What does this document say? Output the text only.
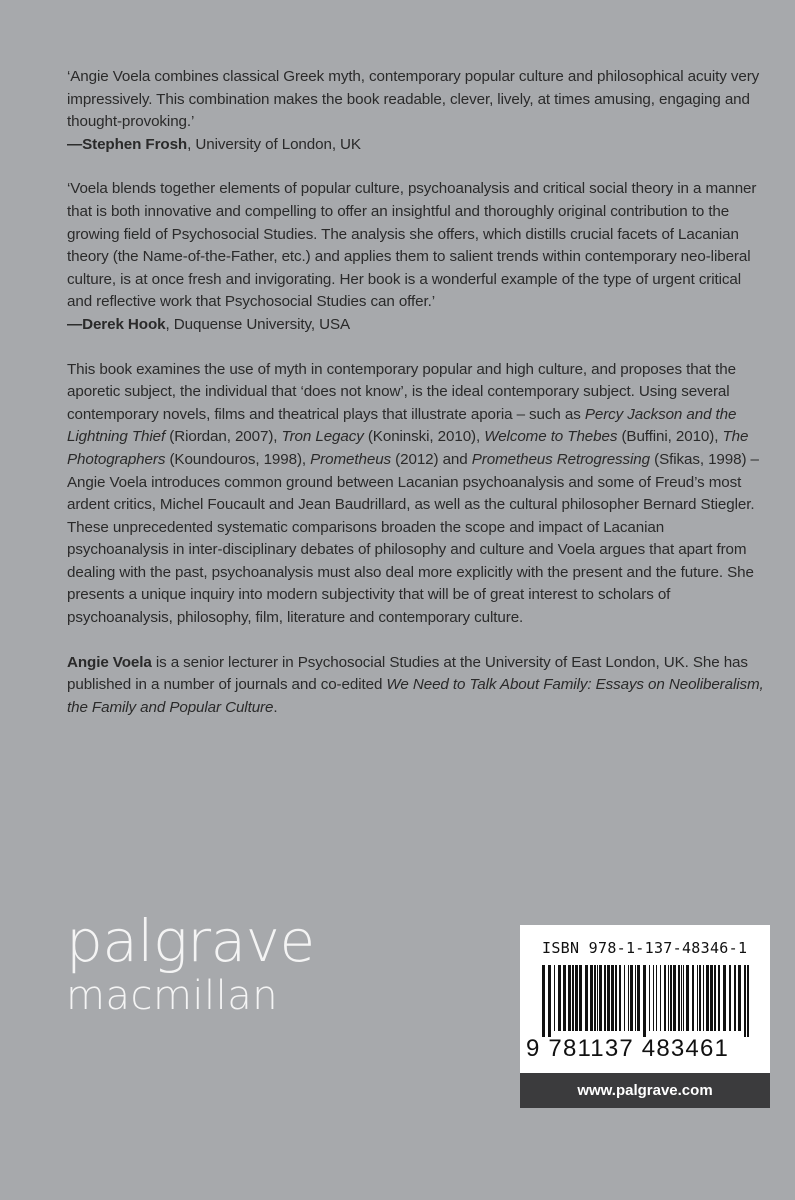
‘Angie Voela combines classical Greek myth, contemporary popular culture and philosophical acuity very impressively. This combination makes the book readable, clever, lively, at times amusing, engaging and thought-provoking.’

—Stephen Frosh, University of London, UK

‘Voela blends together elements of popular culture, psychoanalysis and critical social theory in a manner that is both innovative and compelling to offer an insightful and thoroughly original contribution to the growing field of Psychosocial Studies. The analysis she offers, which distills crucial facets of Lacanian theory (the Name-of-the-Father, etc.) and applies them to salient trends within contemporary neo-liberal culture, is at once fresh and invigorating. Her book is a wonderful example of the type of urgent critical and reflective work that Psychosocial Studies can offer.’

—Derek Hook, Duquense University, USA

This book examines the use of myth in contemporary popular and high culture, and proposes that the aporetic subject, the individual that ‘does not know’, is the ideal contemporary subject. Using several contemporary novels, films and theatrical plays that illustrate aporia – such as Percy Jackson and the Lightning Thief (Riordan, 2007), Tron Legacy (Koninski, 2010), Welcome to Thebes (Buffini, 2010), The Photographers (Koundouros, 1998), Prometheus (2012) and Prometheus Retrogressing (Sfikas, 1998) – Angie Voela introduces common ground between Lacanian psychoanalysis and some of Freud’s most ardent critics, Michel Foucault and Jean Baudrillard, as well as the cultural philosopher Bernard Stiegler. These unprecedented systematic comparisons broaden the scope and impact of Lacanian psychoanalysis in inter-disciplinary debates of philosophy and culture and Voela argues that apart from dealing with the past, psychoanalysis must also deal more explicitly with the present and the future. She presents a unique inquiry into modern subjectivity that will be of great interest to scholars of psychoanalysis, philosophy, film, literature and contemporary culture.

Angie Voela is a senior lecturer in Psychosocial Studies at the University of East London, UK. She has published in a number of journals and co-edited We Need to Talk About Family: Essays on Neoliberalism, the Family and Popular Culture.

palgrave
macmillan
ISBN 978-1-137-48346-1
9 781137 483461
www.palgrave.com
